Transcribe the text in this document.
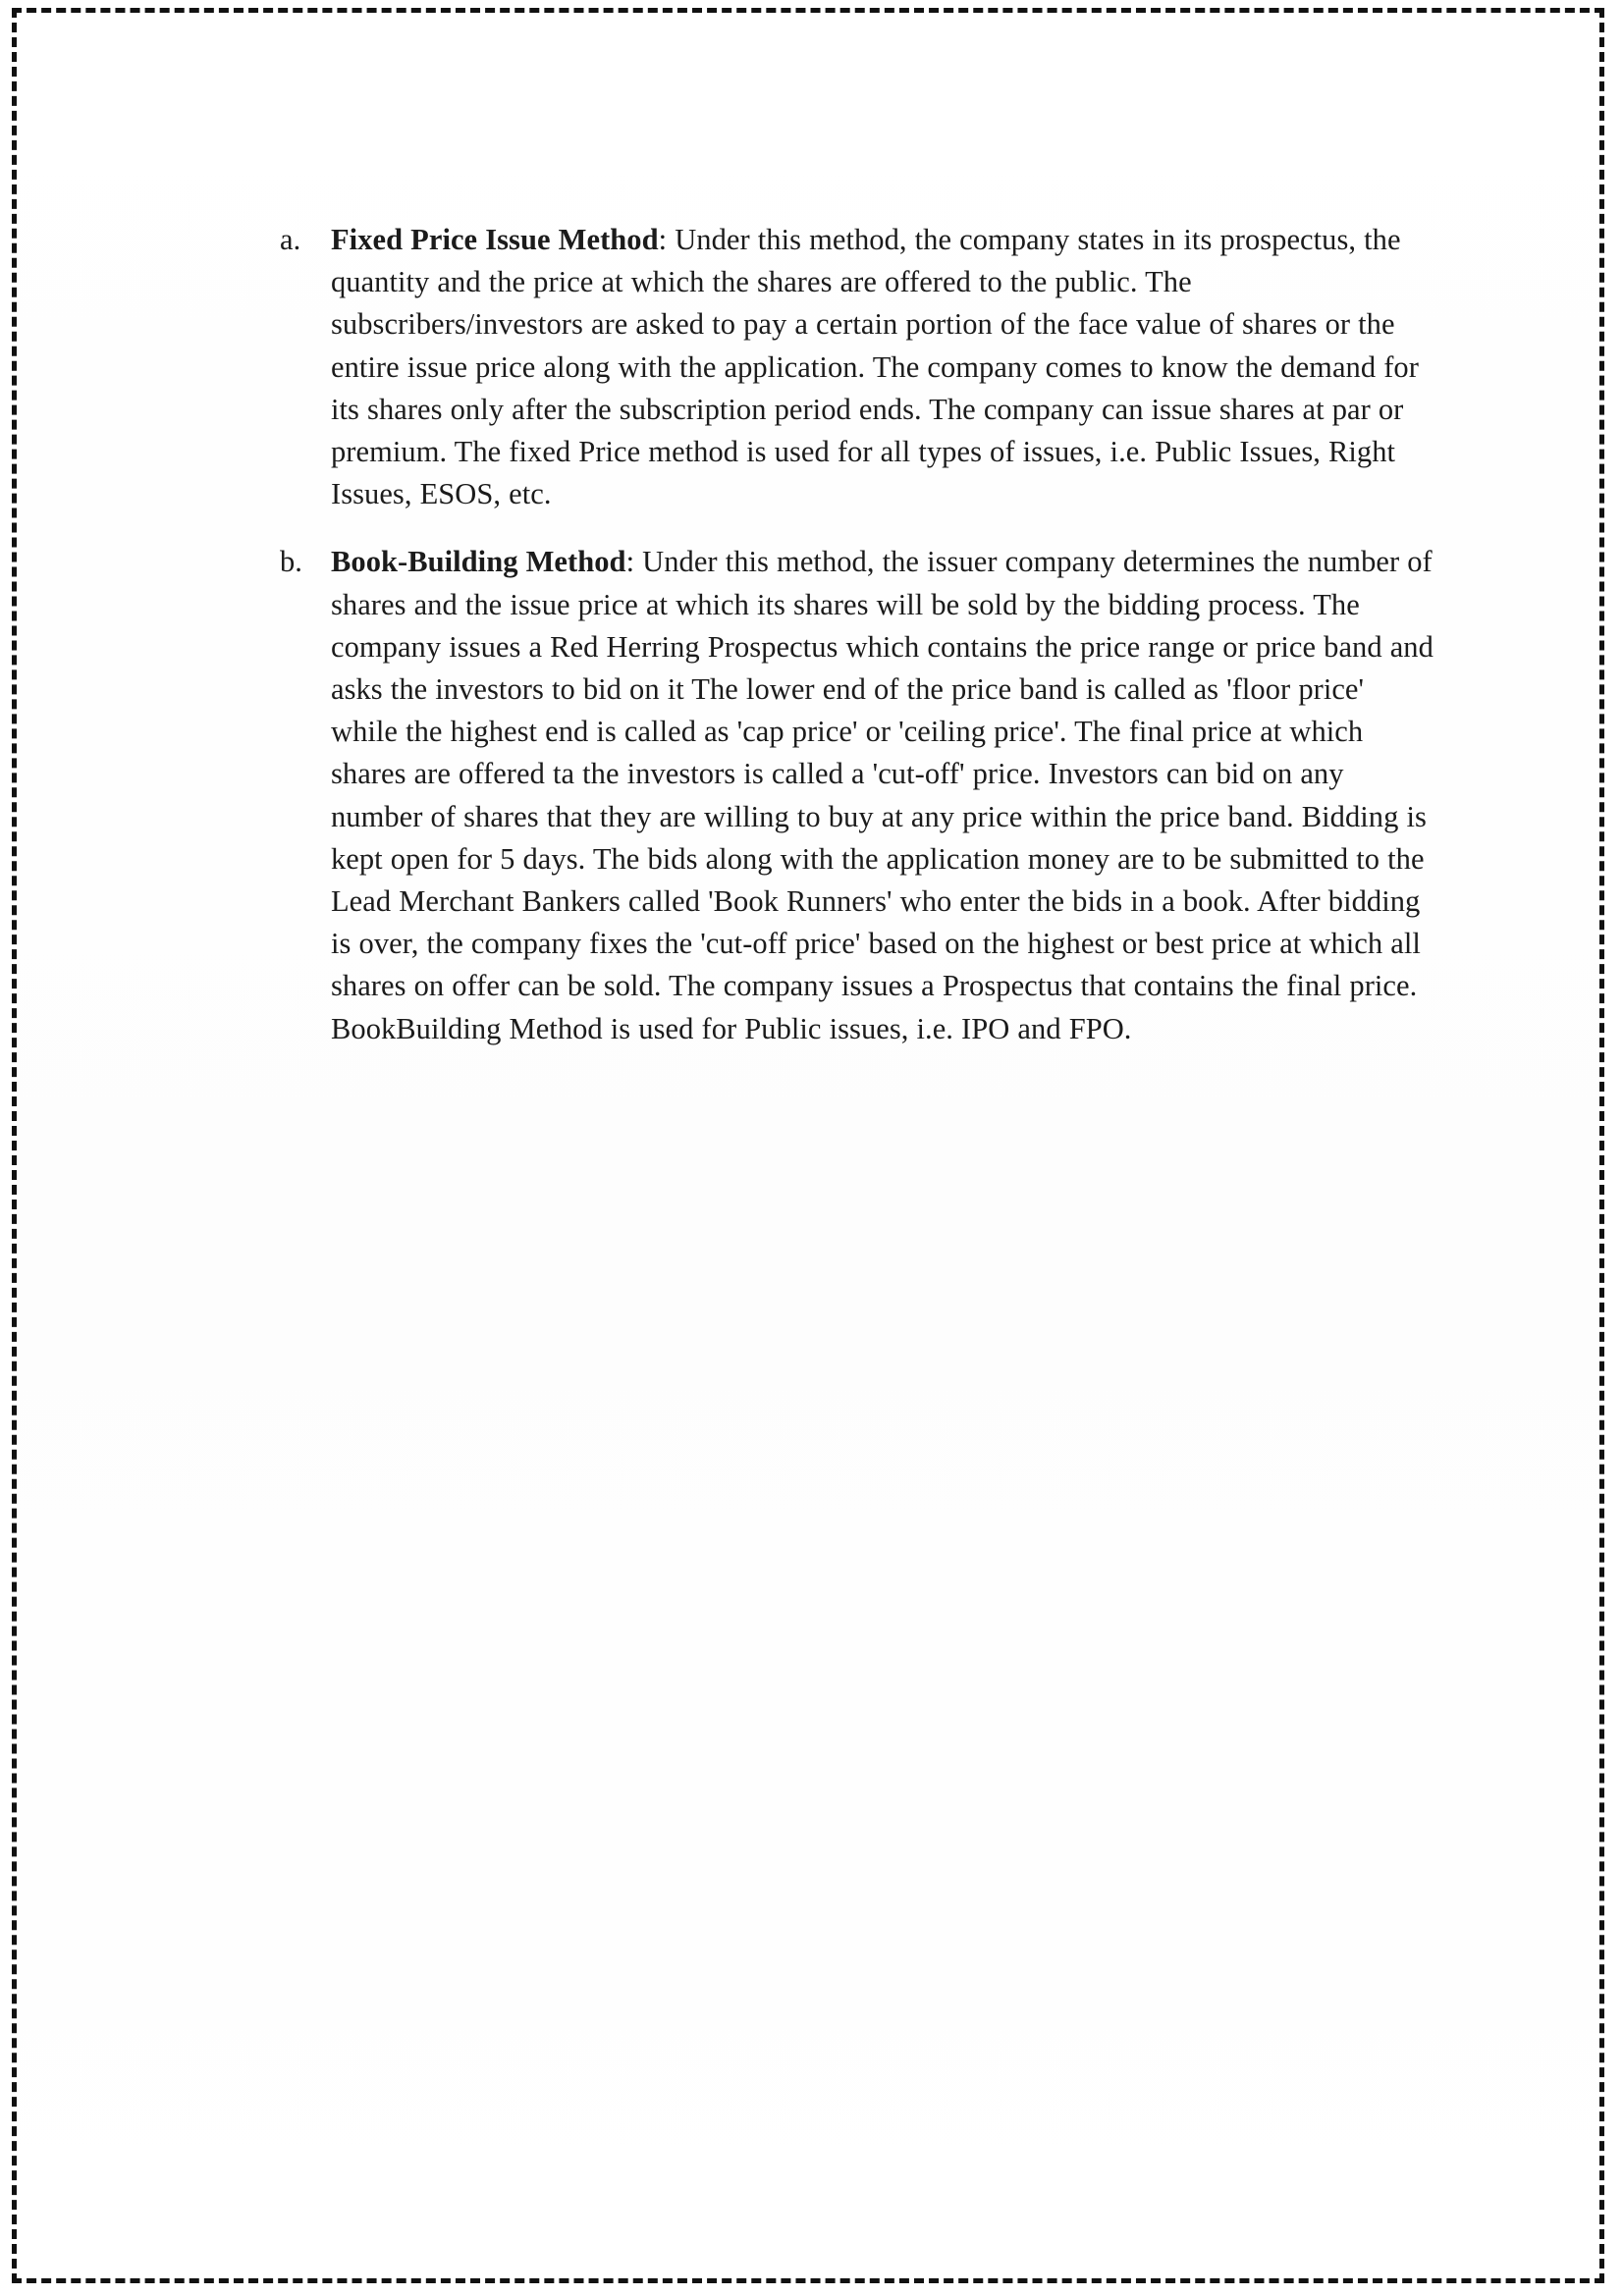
a.	Fixed Price Issue Method: Under this method, the company states in its prospectus, the quantity and the price at which the shares are offered to the public. The subscribers/investors are asked to pay a certain portion of the face value of shares or the entire issue price along with the application. The company comes to know the demand for its shares only after the subscription period ends. The company can issue shares at par or premium. The fixed Price method is used for all types of issues, i.e. Public Issues, Right Issues, ESOS, etc.
b. Book-Building Method: Under this method, the issuer company determines the number of shares and the issue price at which its shares will be sold by the bidding process. The company issues a Red Herring Prospectus which contains the price range or price band and asks the investors to bid on it The lower end of the price band is called as 'floor price' while the highest end is called as 'cap price' or 'ceiling price'. The final price at which shares are offered ta the investors is called a 'cut-off' price. Investors can bid on any number of shares that they are willing to buy at any price within the price band. Bidding is kept open for 5 days. The bids along with the application money are to be submitted to the Lead Merchant Bankers called 'Book Runners' who enter the bids in a book. After bidding is over, the company fixes the 'cut-off price' based on the highest or best price at which all shares on offer can be sold. The company issues a Prospectus that contains the final price. BookBuilding Method is used for Public issues, i.e. IPO and FPO.
